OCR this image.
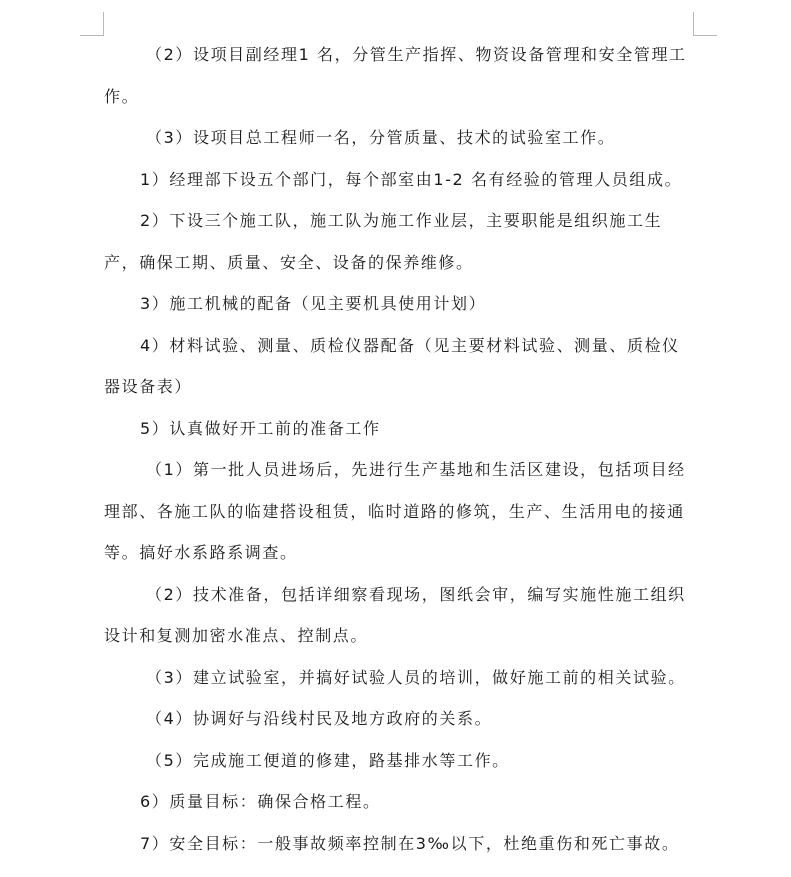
（2）设项目副经理1 名，分管生产指挥、物资设备管理和安全管理工作。

（3）设项目总工程师一名，分管质量、技术的试验室工作。

1）经理部下设五个部门，每个部室由1-2 名有经验的管理人员组成。

2）下设三个施工队，施工队为施工作业层，主要职能是组织施工生产，确保工期、质量、安全、设备的保养维修。

3）施工机械的配备（见主要机具使用计划）

4）材料试验、测量、质检仪器配备（见主要材料试验、测量、质检仪器设备表）

5）认真做好开工前的准备工作

（1）第一批人员进场后，先进行生产基地和生活区建设，包括项目经理部、各施工队的临建搭设租赁，临时道路的修筑，生产、生活用电的接通等。搞好水系路系调查。

（2）技术准备，包括详细察看现场，图纸会审，编写实施性施工组织设计和复测加密水准点、控制点。

（3）建立试验室，并搞好试验人员的培训，做好施工前的相关试验。

（4）协调好与沿线村民及地方政府的关系。

（5）完成施工便道的修建，路基排水等工作。

6）质量目标：确保合格工程。

7）安全目标：一般事故频率控制在3‰以下，杜绝重伤和死亡事故。
